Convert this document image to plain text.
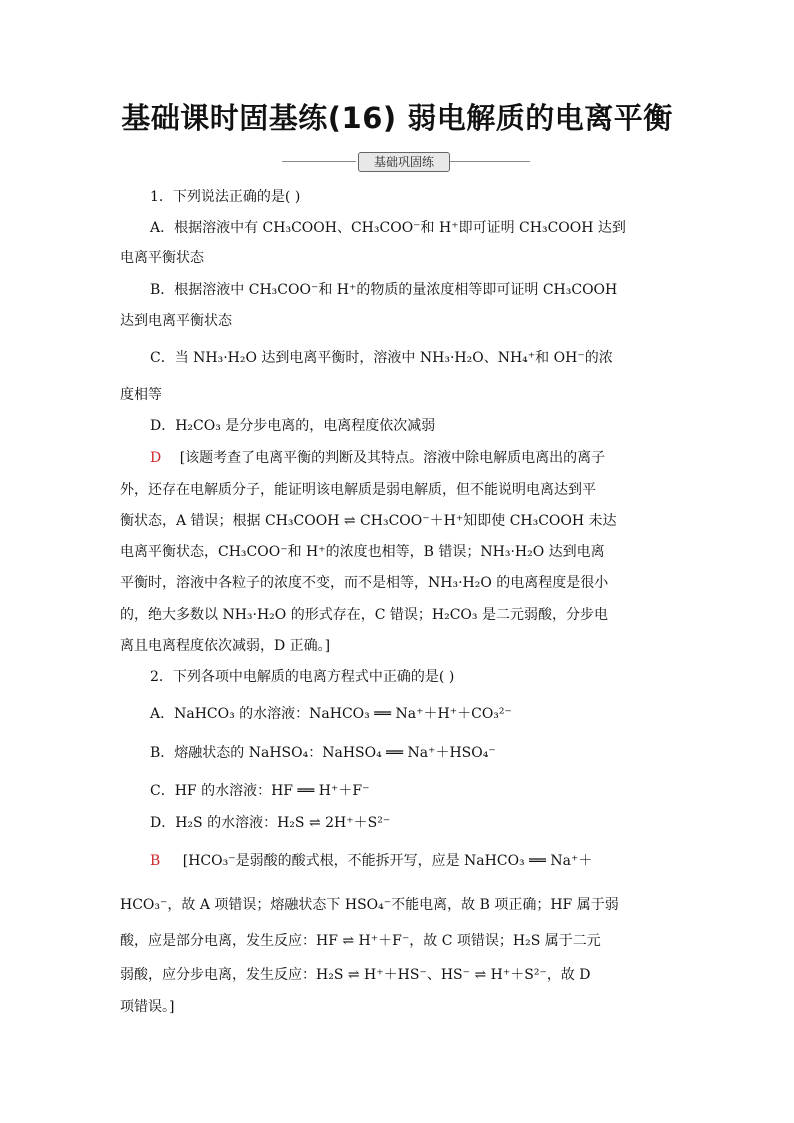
基础课时固基练(16) 弱电解质的电离平衡
基础巩固练
1．下列说法正确的是( )
A．根据溶液中有 CH₃COOH、CH₃COO⁻和 H⁺即可证明 CH₃COOH 达到
电离平衡状态
B．根据溶液中 CH₃COO⁻和 H⁺的物质的量浓度相等即可证明 CH₃COOH
达到电离平衡状态
C．当 NH₃·H₂O 达到电离平衡时，溶液中 NH₃·H₂O、NH₄⁺和 OH⁻的浓
度相等
D．H₂CO₃ 是分步电离的，电离程度依次减弱
D [该题考查了电离平衡的判断及其特点。溶液中除电解质电离出的离子
外，还存在电解质分子，能证明该电解质是弱电解质，但不能说明电离达到平
衡状态，A 错误；根据 CH₃COOH ⇌ CH₃COO⁻＋H⁺知即使 CH₃COOH 未达
电离平衡状态，CH₃COO⁻和 H⁺的浓度也相等，B 错误；NH₃·H₂O 达到电离
平衡时，溶液中各粒子的浓度不变，而不是相等，NH₃·H₂O 的电离程度是很小
的，绝大多数以 NH₃·H₂O 的形式存在，C 错误；H₂CO₃ 是二元弱酸，分步电
离且电离程度依次减弱，D 正确。]
2．下列各项中电解质的电离方程式中正确的是( )
A．NaHCO₃ 的水溶液：NaHCO₃ ══ Na⁺＋H⁺＋CO₃²⁻
B．熔融状态的 NaHSO₄：NaHSO₄ ══ Na⁺＋HSO₄⁻
C．HF 的水溶液：HF ══ H⁺＋F⁻
D．H₂S 的水溶液：H₂S ⇌ 2H⁺＋S²⁻
B [HCO₃⁻是弱酸的酸式根，不能拆开写，应是 NaHCO₃ ══ Na⁺＋
HCO₃⁻，故 A 项错误；熔融状态下 HSO₄⁻不能电离，故 B 项正确；HF 属于弱
酸，应是部分电离，发生反应：HF ⇌ H⁺＋F⁻，故 C 项错误；H₂S 属于二元
弱酸，应分步电离，发生反应：H₂S ⇌ H⁺＋HS⁻、HS⁻ ⇌ H⁺＋S²⁻，故 D
项错误。]
